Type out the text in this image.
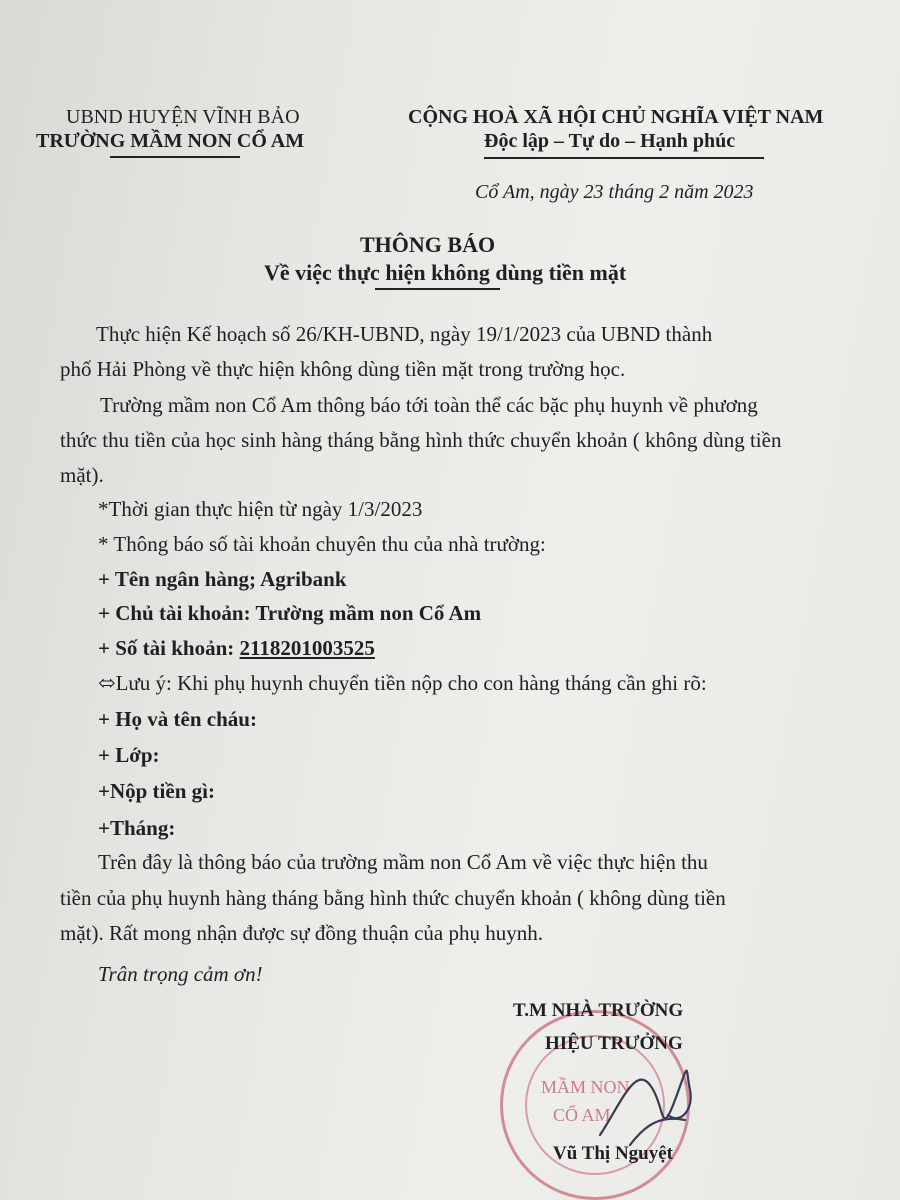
UBND HUYỆN VĨNH BẢO
TRƯỜNG MẦM NON CỔ AM
CỘNG HOÀ XÃ HỘI CHỦ NGHĨA VIỆT NAM
Độc lập – Tự do – Hạnh phúc
Cổ Am, ngày 23 tháng 2 năm 2023
THÔNG BÁO
Về việc thực hiện không dùng tiền mặt
Thực hiện Kế hoạch số 26/KH-UBND, ngày 19/1/2023 của UBND thành
phố Hải Phòng về thực hiện không dùng tiền mặt trong trường học.
Trường mầm non Cổ Am thông báo tới toàn thể các bặc phụ huynh về phương
thức thu tiền của học sinh hàng tháng bằng hình thức chuyển khoản ( không dùng tiền
mặt).
*Thời gian thực hiện từ ngày 1/3/2023
* Thông báo số tài khoản chuyên thu của nhà trường:
+ Tên ngân hàng; Agribank
+ Chủ tài khoản: Trường mầm non Cổ Am
+ Số tài khoản: 2118201003525
⬄Lưu ý: Khi phụ huynh chuyển tiền nộp cho con hàng tháng cần ghi rõ:
+ Họ và tên cháu:
+ Lớp:
+Nộp tiền gì:
+Tháng:
Trên đây là thông báo của trường mầm non Cổ Am về việc thực hiện thu
tiền của phụ huynh hàng tháng bằng hình thức chuyển khoản ( không dùng tiền
mặt). Rất mong nhận được sự đồng thuận của phụ huynh.
Trân trọng cảm ơn!
MẦM NON
CỔ AM
T.M NHÀ TRƯỜNG
HIỆU TRƯỞNG
Vũ Thị Nguyệt
